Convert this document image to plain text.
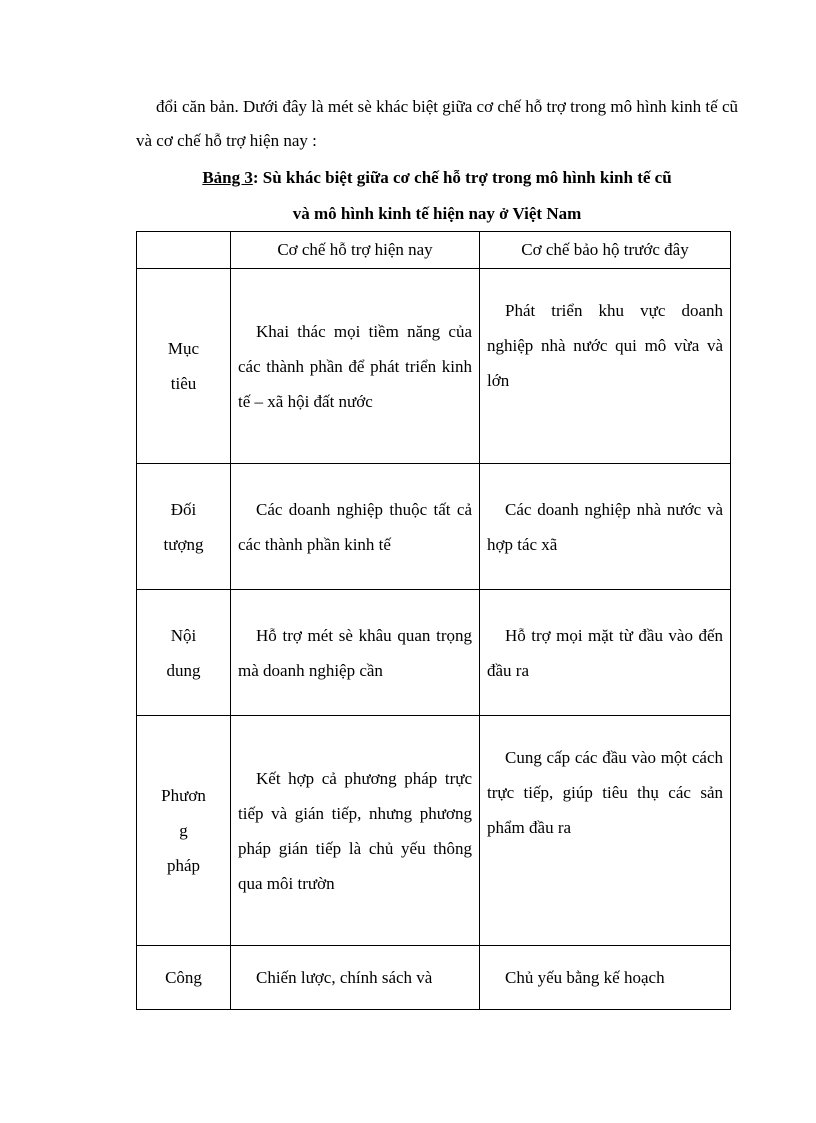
đổi căn bản. Dưới đây là mét sè khác biệt giữa cơ chế hỗ trợ trong mô hình kinh tế cũ và cơ chế hỗ trợ hiện nay :

Bảng 3: Sù khác biệt giữa cơ chế hỗ trợ trong mô hình kinh tế cũ
và mô hình kinh tế hiện nay ở Việt Nam

	Cơ chế hỗ trợ hiện nay	Cơ chế bảo hộ trước đây
Mục
tiêu	Khai thác mọi tiềm năng của các thành phần để phát triển kinh tế – xã hội đất nước	Phát triển khu vực doanh nghiệp nhà nước qui mô vừa và lớn

Đối
tượng	Các doanh nghiệp thuộc tất cả các thành phần kinh tế	Các doanh nghiệp nhà nước và hợp tác xã

Nội
dung	Hỗ trợ mét sè khâu quan trọng mà doanh nghiệp cần	Hỗ trợ mọi mặt từ đầu vào đến đầu ra

Phươn
g
pháp	Kết hợp cả phương pháp trực tiếp và gián tiếp, nhưng phương pháp gián tiếp là chủ yếu thông qua môi trườn	Cung cấp các đầu vào một cách trực tiếp, giúp tiêu thụ các sản phẩm đầu ra

Công	Chiến lược, chính sách và	Chủ yếu bằng kế hoạch
